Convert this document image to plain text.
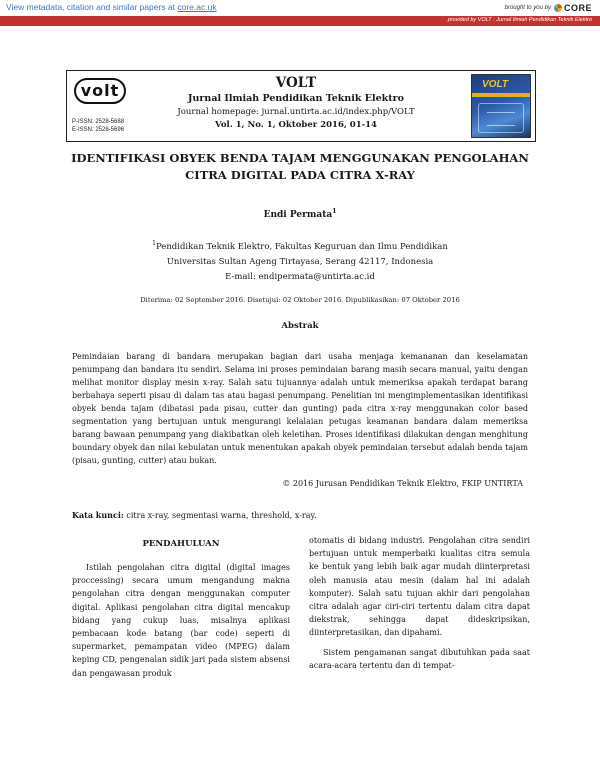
View metadata, citation and similar papers at core.ac.uk	brought to you by CORE
provided by VOLT : Jurnal Ilmiah Pendidikan Teknik Elektro
volt
P-ISSN: 2528-5688
E-ISSN: 2528-5696
VOLT
Jurnal Ilmiah Pendidikan Teknik Elektro
Journal homepage: jurnal.untirta.ac.id/index.php/VOLT
Vol. 1, No. 1, Oktober 2016, 01-14
VOLT
IDENTIFIKASI OBYEK BENDA TAJAM MENGGUNAKAN PENGOLAHAN
CITRA DIGITAL PADA CITRA X-RAY
Endi Permata$^1$
$^1$Pendidikan Teknik Elektro, Fakultas Keguruan dan Ilmu Pendidikan
Universitas Sultan Ageng Tirtayasa, Serang 42117, Indonesia
E-mail: endipermata@untirta.ac.id
Diterima: 02 September 2016. Disetujui: 02 Oktober 2016. Dipublikasikan: 07 Oktober 2016
Abstrak
Pemindaian barang di bandara merupakan bagian dari usaha menjaga kemananan dan keselamatan penumpang dan bandara itu sendiri. Selama ini proses pemindaian barang masih secara manual, yaitu dengan melihat monitor display mesin x-ray. Salah satu tujuannya adalah untuk memeriksa apakah terdapat barang berbahaya seperti pisau di dalam tas atau bagasi penumpang. Penelitian ini mengimplementasikan identifikasi obyek benda tajam (dibatasi pada pisau, cutter dan gunting) pada citra x-ray menggunakan color based segmentation yang bertujuan untuk mengurangi kelalaian petugas keamanan bandara dalam memeriksa barang bawaan penumpang yang diakibatkan oleh keletihan. Proses identifikasi dilakukan dengan menghitung boundary obyek dan nilai kebulatan untuk menentukan apakah obyek pemindaian tersebut adalah benda tajam (pisau, gunting, cutter) atau bukan.
© 2016 Jurusan Pendidikan Teknik Elektro, FKIP UNTIRTA
Kata kunci: citra x-ray, segmentasi warna, threshold, x-ray.
PENDAHULUAN
Istilah pengolahan citra digital (digital images proccessing) secara umum mengandung makna pengolahan citra dengan menggunakan computer digital. Aplikasi pengolahan citra digital mencakup bidang yang cukup luas, misalnya aplikasi pembacaan kode batang (bar code) seperti di supermarket, pemampatan video (MPEG) dalam keping CD, pengenalan sidik jari pada sistem absensi dan pengawasan produk
otomatis di bidang industri. Pengolahan citra sendiri bertujuan untuk memperbaiki kualitas citra semula ke bentuk yang lebih baik agar mudah diinterpretasi oleh manusia atau mesin (dalam hal ini adalah komputer). Salah satu tujuan akhir dari pengolahan citra adalah agar ciri-ciri tertentu dalam citra dapat diekstrak, sehingga dapat dideskripsikan, diinterpretasikan, dan dipahami.
Sistem pengamanan sangat dibutuhkan pada saat acara-acara tertentu dan di tempat-
